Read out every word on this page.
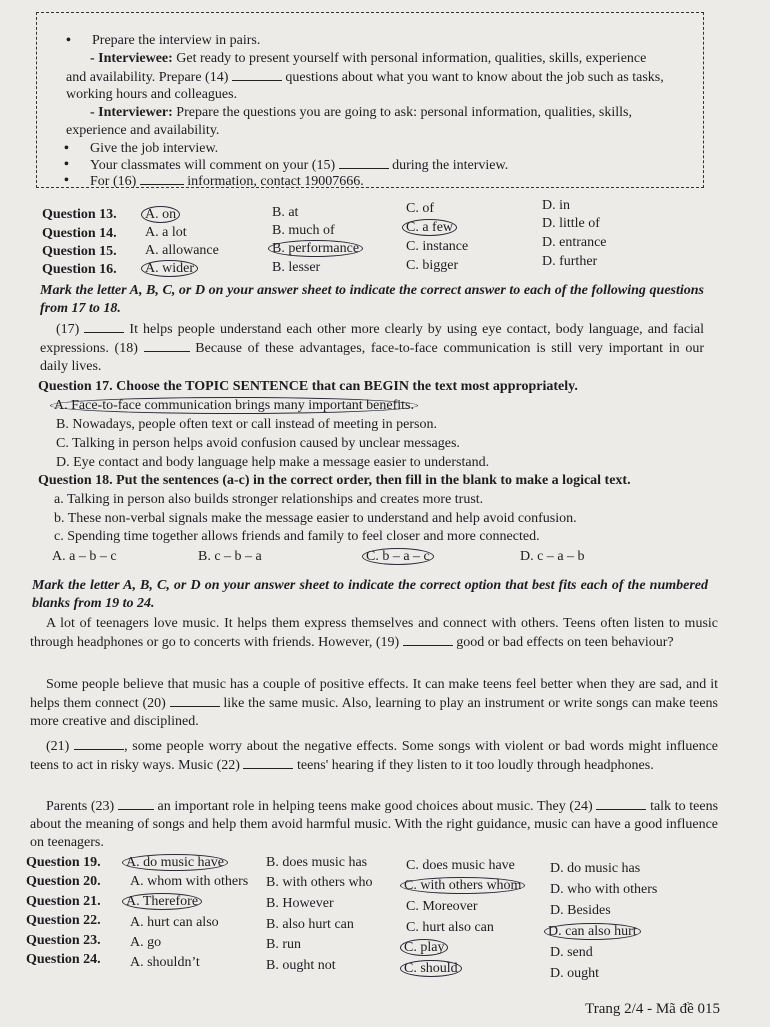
• Prepare the interview in pairs.
- Interviewee: Get ready to present yourself with personal information, qualities, skills, experience
and availability. Prepare (14)	questions about what you want to know about the job such as tasks,
working hours and colleagues.
- Interviewer: Prepare the questions you are going to ask: personal information, qualities, skills,
experience and availability.
• Give the job interview.
• Your classmates will comment on your (15)	during the interview.
• For (16)	information, contact 19007666.
Question 13. A. on	B. at	C. of	D. in
Question 14. A. a lot	B. much of	C. a few	D. little of
Question 15. A. allowance	B. performance	C. instance	D. entrance
Question 16. A. wider	B. lesser	C. bigger	D. further
Mark the letter A, B, C, or D on your answer sheet to indicate the correct answer to each of the following questions from 17 to 18.
(17)	It helps people understand each other more clearly by using eye contact, body language, and facial expressions. (18)	Because of these advantages, face-to-face communication is still very important in our daily lives.
Question 17. Choose the TOPIC SENTENCE that can BEGIN the text most appropriately.
A. Face-to-face communication brings many important benefits.
B. Nowadays, people often text or call instead of meeting in person.
C. Talking in person helps avoid confusion caused by unclear messages.
D. Eye contact and body language help make a message easier to understand.
Question 18. Put the sentences (a-c) in the correct order, then fill in the blank to make a logical text.
a. Talking in person also builds stronger relationships and creates more trust.
b. These non-verbal signals make the message easier to understand and help avoid confusion.
c. Spending time together allows friends and family to feel closer and more connected.
A. a – b – c	B. c – b – a	C. b – a – c	D. c – a – b
Mark the letter A, B, C, or D on your answer sheet to indicate the correct option that best fits each of the numbered blanks from 19 to 24.
A lot of teenagers love music. It helps them express themselves and connect with others. Teens often listen to music through headphones or go to concerts with friends. However, (19)	good or bad effects on teen behaviour?
Some people believe that music has a couple of positive effects. It can make teens feel better when they are sad, and it helps them connect (20)	like the same music. Also, learning to play an instrument or write songs can make teens more creative and disciplined.
(21)	, some people worry about the negative effects. Some songs with violent or bad words might influence teens to act in risky ways. Music (22)	teens' hearing if they listen to it too loudly through headphones.
Parents (23)	an important role in helping teens make good choices about music. They (24)	talk to teens about the meaning of songs and help them avoid harmful music. With the right guidance, music can have a good influence on teenagers.
Question 19. A. do music have	B. does music has	C. does music have	D. do music has
Question 20. A. whom with others B. with others who C. with others whom D. who with others
Question 21. A. Therefore	B. However	C. Moreover	D. Besides
Question 22. A. hurt can also	B. also hurt can	C. hurt also can	D. can also hurt
Question 23. A. go	B. run	C. play	D. send
Question 24. A. shouldn’t	B. ought not	C. should	D. ought
Trang 2/4 - Mã đề 015
